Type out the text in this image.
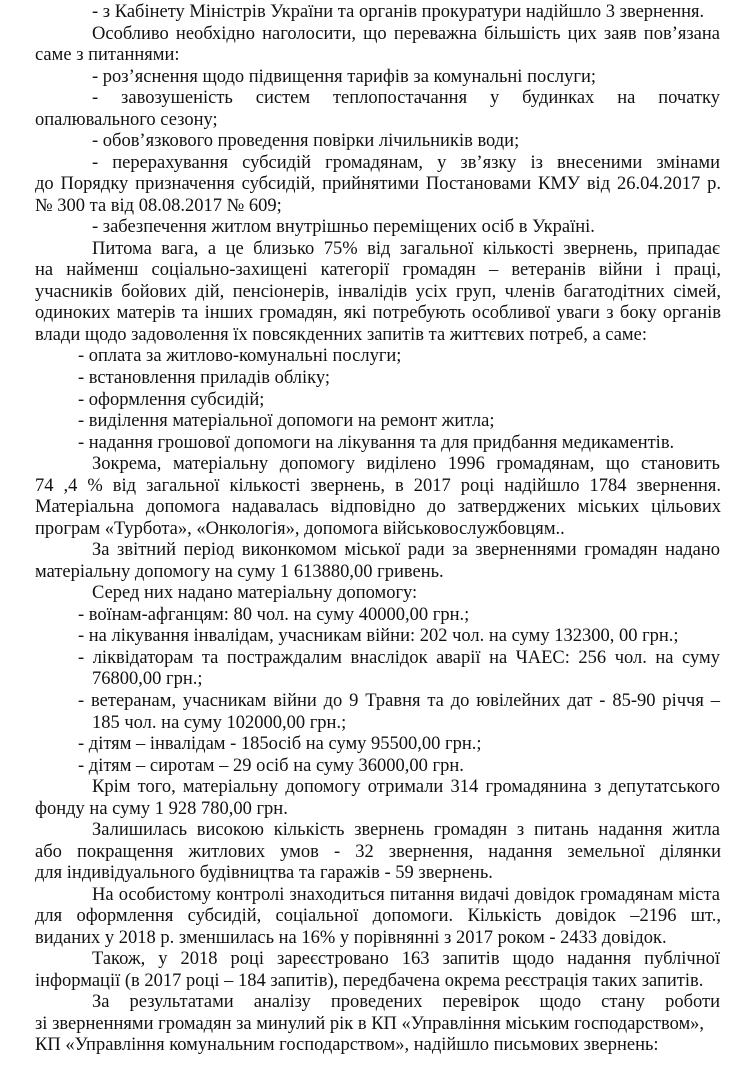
- з Кабінету Міністрів України та органів прокуратури надійшло 3 звернення.
Особливо необхідно наголосити, що переважна більшість цих заяв пов’язана
саме з питаннями:
- роз’яснення щодо підвищення тарифів за комунальні послуги;
- завозушеність систем теплопостачання у будинках на початку
опалювального сезону;
- обов’язкового проведення повірки лічильників води;
- перерахування субсидій громадянам, у зв’язку із внесеними змінами
до Порядку призначення субсидій, прийнятими Постановами КМУ від 26.04.2017 р.
№ 300 та від 08.08.2017 № 609;
- забезпечення житлом внутрішньо переміщених осіб в Україні.
Питома вага, а це близько 75% від загальної кількості звернень, припадає
на найменш соціально-захищені категорії громадян – ветеранів війни і праці,
учасників бойових дій, пенсіонерів, інвалідів усіх груп, членів багатодітних сімей,
одиноких матерів та інших громадян, які потребують особливої уваги з боку органів
влади щодо задоволення їх повсякденних запитів та життєвих потреб, а саме:
- оплата за житлово-комунальні послуги;
- встановлення приладів обліку;
- оформлення субсидій;
- виділення матеріальної допомоги на ремонт житла;
- надання грошової допомоги на лікування та для придбання медикаментів.
Зокрема, матеріальну допомогу виділено 1996 громадянам, що становить
74 ,4 % від загальної кількості звернень, в 2017 році надійшло 1784 звернення.
Матеріальна допомога надавалась відповідно до затверджених міських цільових
програм «Турбота», «Онкологія», допомога військовослужбовцям..
За звітний період виконкомом міської ради за зверненнями громадян надано
матеріальну допомогу на суму 1 613880,00 гривень.
Серед них надано матеріальну допомогу:
- воїнам-афганцям: 80 чол. на суму 40000,00 грн.;
- на лікування інвалідам, учасникам війни: 202 чол. на суму 132300, 00 грн.;
- ліквідаторам та постраждалим внаслідок аварії на ЧАЕС: 256 чол. на суму
76800,00 грн.;
- ветеранам, учасникам війни до 9 Травня та до ювілейних дат - 85-90 річчя –
185 чол. на суму 102000,00 грн.;
- дітям – інвалідам - 185осіб на суму 95500,00 грн.;
- дітям – сиротам – 29 осіб на суму 36000,00 грн.
Крім того, матеріальну допомогу отримали 314 громадянина з депутатського
фонду на суму 1 928 780,00 грн.
Залишилась високою кількість звернень громадян з питань надання житла
або покращення житлових умов - 32 звернення, надання земельної ділянки
для індивідуального будівництва та гаражів - 59 звернень.
На особистому контролі знаходиться питання видачі довідок громадянам міста
для оформлення субсидій, соціальної допомоги. Кількість довідок –2196 шт.,
виданих у 2018 р. зменшилась на 16% у порівнянні з 2017 роком - 2433 довідок.
Також, у 2018 році зареєстровано 163 запитів щодо надання публічної
інформації (в 2017 році – 184 запитів), передбачена окрема реєстрація таких запитів.
За результатами аналізу проведених перевірок щодо стану роботи
зі зверненнями громадян за минулий рік в КП «Управління міським господарством»,
КП «Управління комунальним господарством», надійшло письмових звернень:
